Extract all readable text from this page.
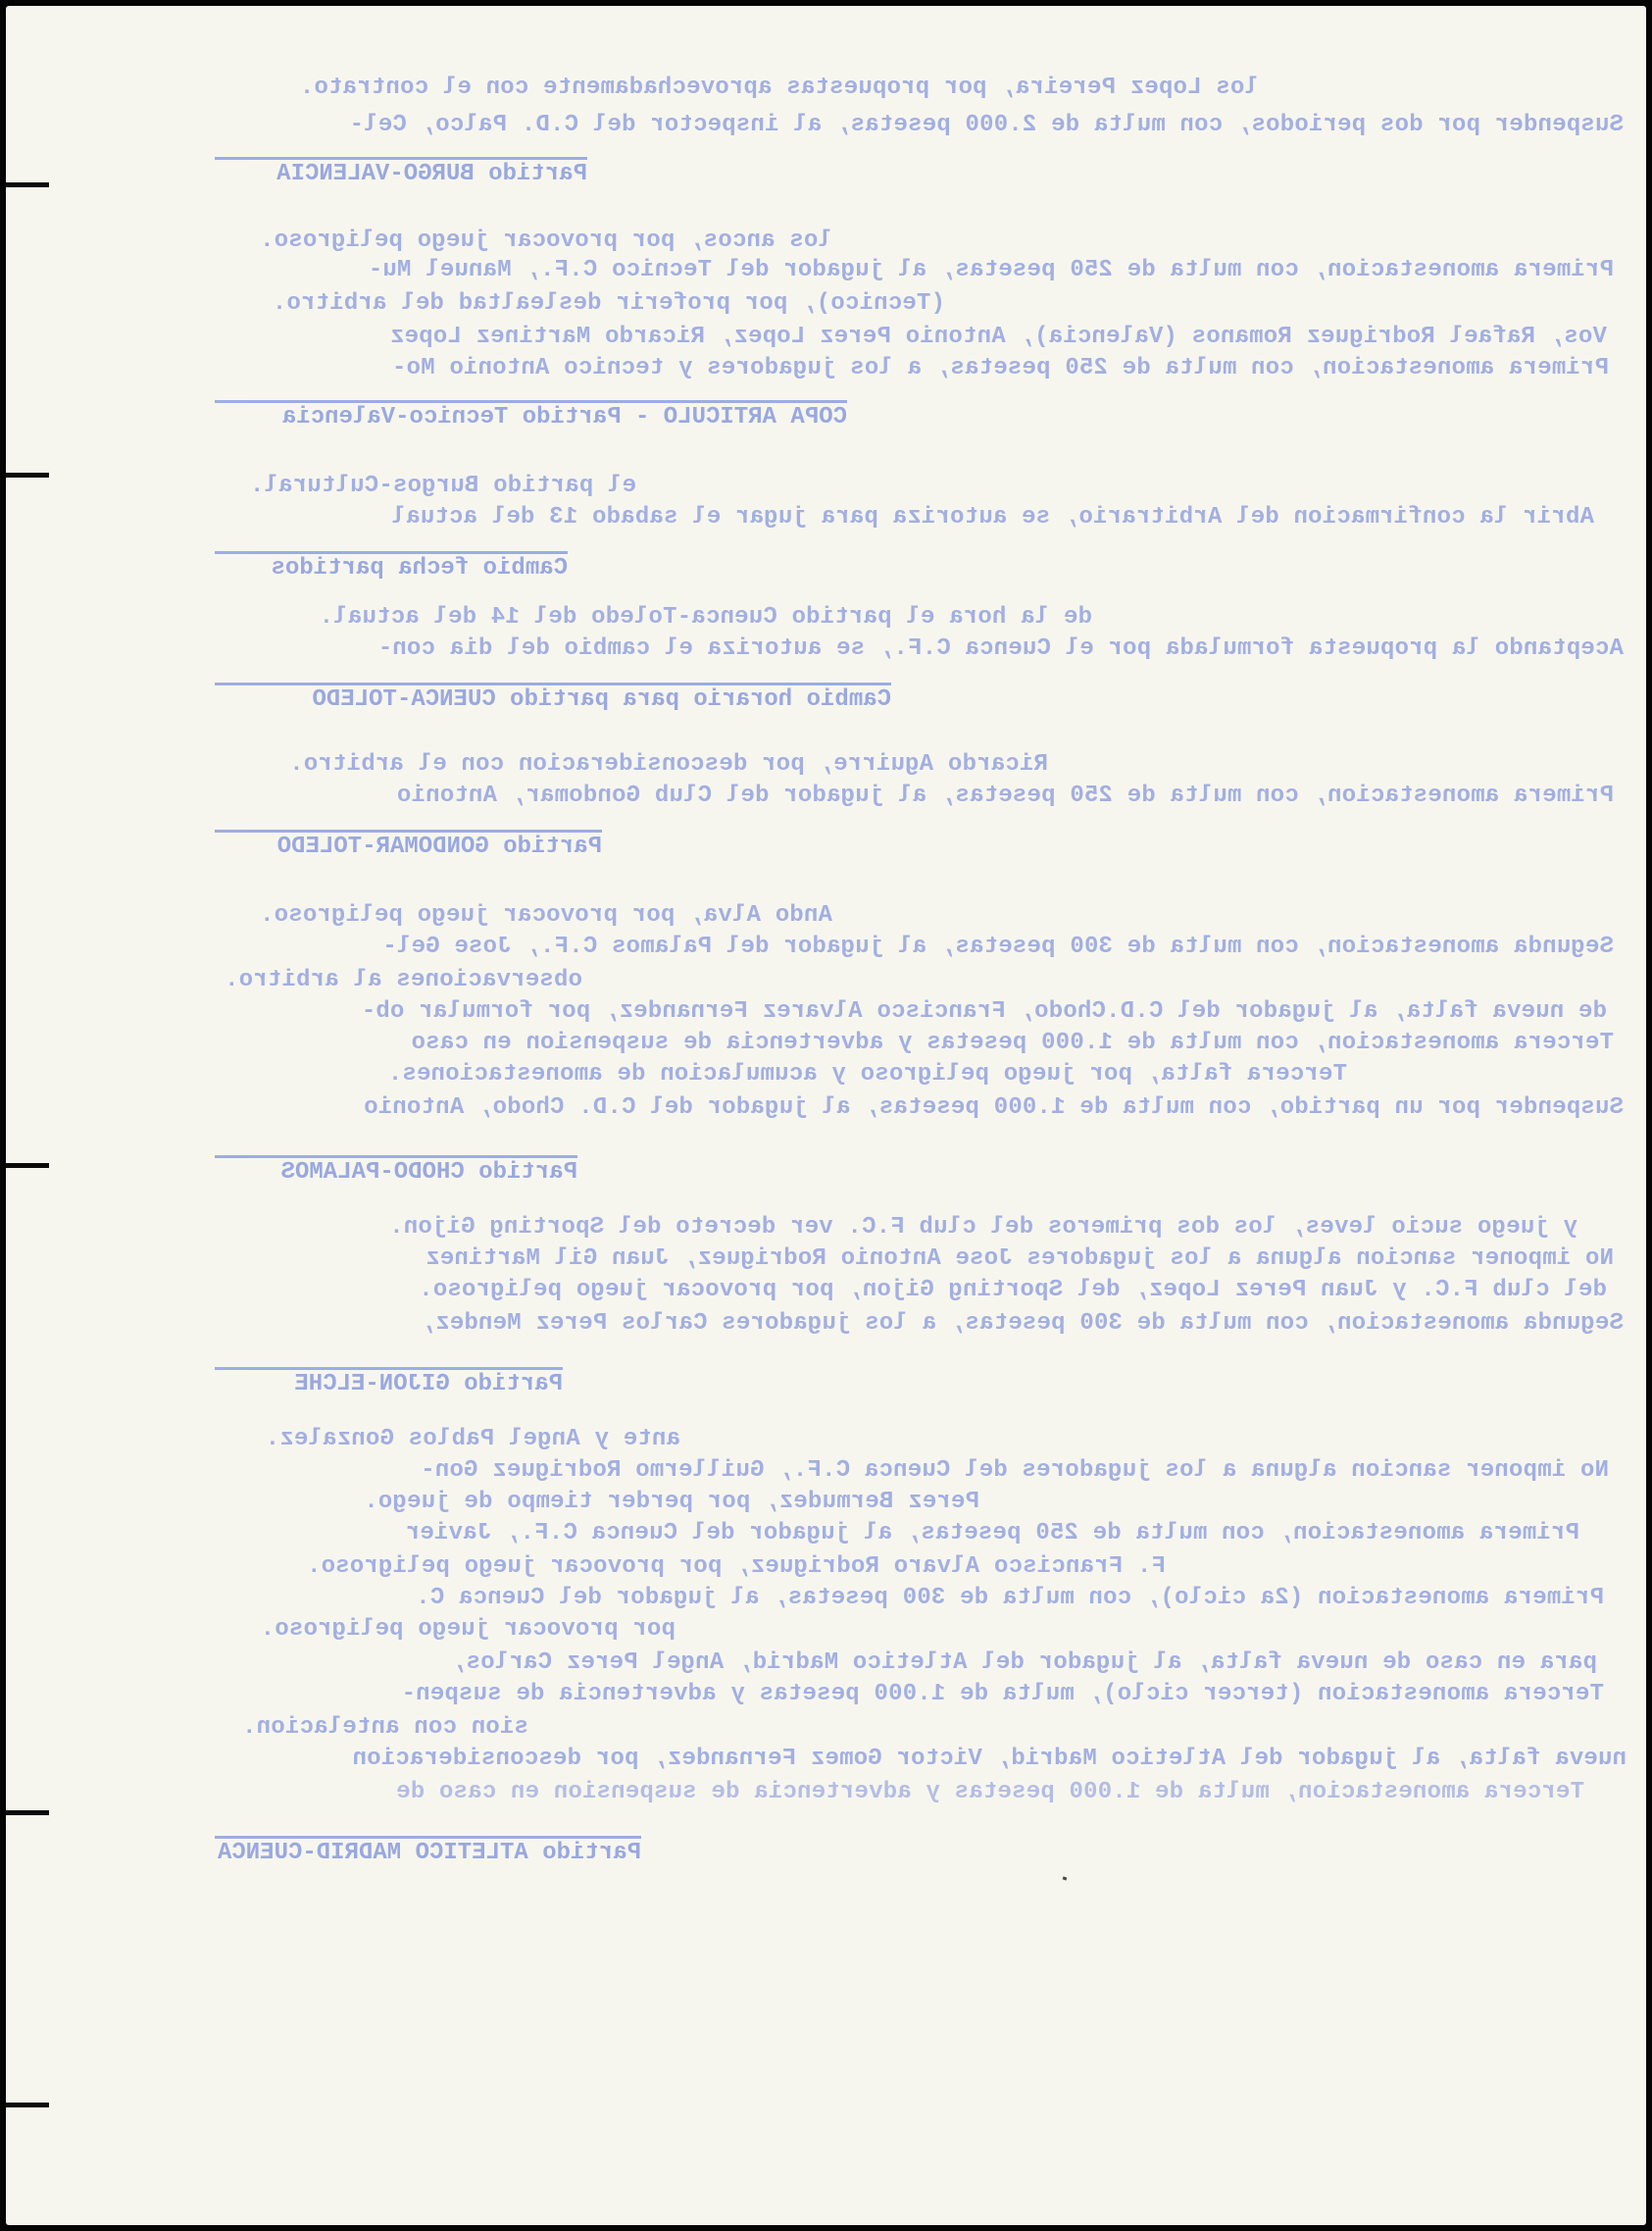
los Lopez Pereira, por propuestas aprovechadamente con el contrato.
Suspender por dos periodos, con multa de 2.000 pesetas, al inspector del C.D. Palco, Cel-
Partido BURGO-VALENCIA
los ancos, por provocar juego peligroso.
Primera amonestacion, con multa de 250 pesetas, al jugador del Tecnico C.F., Manuel Mu-
(Tecnico), por proferir deslealtad del arbitro.
Vos, Rafael Rodriguez Romanos (Valencia), Antonio Perez Lopez, Ricardo Martinez Lopez
Primera amonestacion, con multa de 250 pesetas, a los jugadores y tecnico Antonio Mo-
COPA ARTICULO - Partido Tecnico-Valencia
el partido Burgos-Cultural.
Abrir la confirmacion del Arbitrario, se autoriza para jugar el sabado 13 del actual
Cambio fecha partidos
de la hora el partido Cuenca-Toledo del 14 del actual.
Aceptando la propuesta formulada por el Cuenca C.F., se autoriza el cambio del dia con-
Cambio horario para partido CUENCA-TOLEDO
Ricardo Aguirre, por desconsideracion con el arbitro.
Primera amonestacion, con multa de 250 pesetas, al jugador del Club Gondomar, Antonio
Partido GONDOMAR-TOLEDO
Ando Alva, por provocar juego peligroso.
Segunda amonestacion, con multa de 300 pesetas, al jugador del Palamos C.F., Jose Gel-
observaciones al arbitro.
de nueva falta, al jugador del C.D.Chodo, Francisco Alvarez Fernandez, por formular ob-
Tercera amonestacion, con multa de 1.000 pesetas y advertencia de suspension en caso
Tercera falta, por juego peligroso y acumulacion de amonestaciones.
Suspender por un partido, con multa de 1.000 pesetas, al jugador del C.D. Chodo, Antonio
Partido CHODO-PALAMOS
y juego sucio leves, los dos primeros del club F.C. ver decreto del Sporting Gijon.
No imponer sancion alguna a los jugadores Jose Antonio Rodriguez, Juan Gil Martinez
del club F.C. y Juan Perez Lopez, del Sporting Gijon, por provocar juego peligroso.
Segunda amonestacion, con multa de 300 pesetas, a los jugadores Carlos Perez Mendez,
Partido GIJON-ELCHE
ante y Angel Pablos Gonzalez.
No imponer sancion alguna a los jugadores del Cuenca C.F., Guillermo Rodriguez Gon-
Perez Bermudez, por perder tiempo de juego.
Primera amonestacion, con multa de 250 pesetas, al jugador del Cuenca C.F., Javier
F. Francisco Alvaro Rodriguez, por provocar juego peligroso.
Primera amonestacion (2a ciclo), con multa de 300 pesetas, al jugador del Cuenca C.
por provocar juego peligroso.
para en caso de nueva falta, al jugador del Atletico Madrid, Angel Perez Carlos,
Tercera amonestacion (tercer ciclo), multa de 1.000 pesetas y advertencia de suspen-
sion con antelacion.
nueva falta, al jugador del Atletico Madrid, Victor Gomez Fernandez, por desconsideracion
Tercera amonestacion, multa de 1.000 pesetas y advertencia de suspension en caso de
Partido ATLETICO MADRID-CUENCA
